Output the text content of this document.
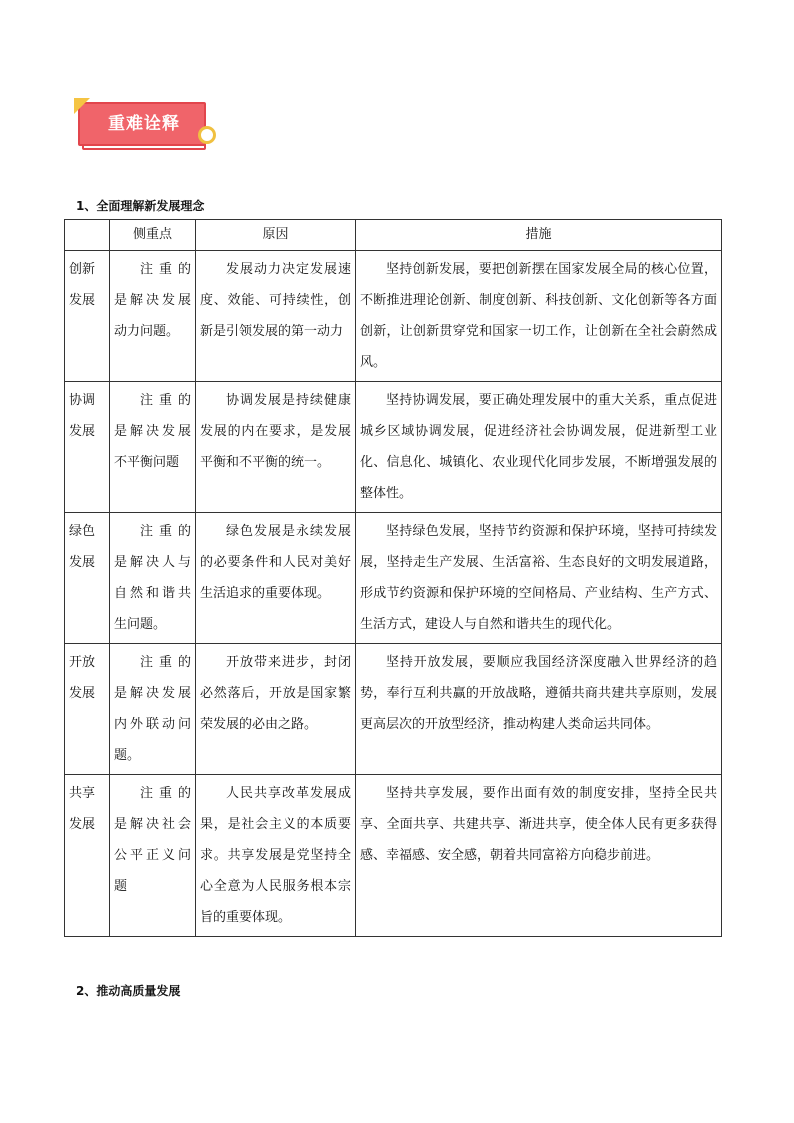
重难诠释
1、全面理解新发展理念
	侧重点	原因	措施
创新发展	注重的是解决发展动力问题。	发展动力决定发展速度、效能、可持续性，创新是引领发展的第一动力	坚持创新发展，要把创新摆在国家发展全局的核心位置，不断推进理论创新、制度创新、科技创新、文化创新等各方面创新，让创新贯穿党和国家一切工作，让创新在全社会蔚然成风。
协调发展	注重的是解决发展不平衡问题	协调发展是持续健康发展的内在要求，是发展平衡和不平衡的统一。	坚持协调发展，要正确处理发展中的重大关系，重点促进城乡区域协调发展，促进经济社会协调发展，促进新型工业化、信息化、城镇化、农业现代化同步发展，不断增强发展的整体性。
绿色发展	注重的是解决人与自然和谐共生问题。	绿色发展是永续发展的必要条件和人民对美好生活追求的重要体现。	坚持绿色发展，坚持节约资源和保护环境，坚持可持续发展，坚持走生产发展、生活富裕、生态良好的文明发展道路，形成节约资源和保护环境的空间格局、产业结构、生产方式、生活方式，建设人与自然和谐共生的现代化。
开放发展	注重的是解决发展内外联动问题。	开放带来进步，封闭必然落后，开放是国家繁荣发展的必由之路。	坚持开放发展，要顺应我国经济深度融入世界经济的趋势，奉行互利共赢的开放战略，遵循共商共建共享原则，发展更高层次的开放型经济，推动构建人类命运共同体。
共享发展	注重的是解决社会公平正义问题	人民共享改革发展成果，是社会主义的本质要求。共享发展是党坚持全心全意为人民服务根本宗旨的重要体现。	坚持共享发展，要作出面有效的制度安排，坚持全民共享、全面共享、共建共享、渐进共享，使全体人民有更多获得感、幸福感、安全感，朝着共同富裕方向稳步前进。
2、推动高质量发展
